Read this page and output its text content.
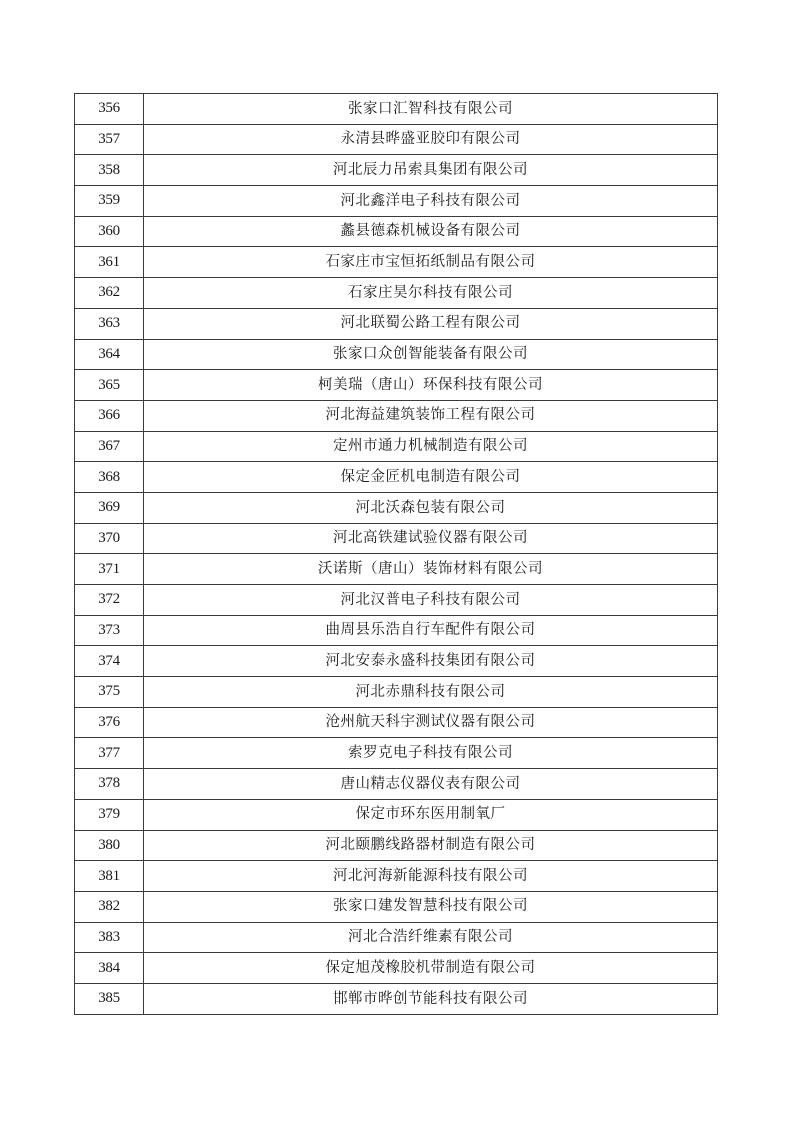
356	张家口汇智科技有限公司
357	永清县晔盛亚胶印有限公司
358	河北辰力吊索具集团有限公司
359	河北鑫洋电子科技有限公司
360	蠡县德森机械设备有限公司
361	石家庄市宝恒拓纸制品有限公司
362	石家庄昊尔科技有限公司
363	河北联蜀公路工程有限公司
364	张家口众创智能装备有限公司
365	柯美瑞（唐山）环保科技有限公司
366	河北海益建筑装饰工程有限公司
367	定州市通力机械制造有限公司
368	保定金匠机电制造有限公司
369	河北沃森包装有限公司
370	河北高铁建试验仪器有限公司
371	沃诺斯（唐山）装饰材料有限公司
372	河北汉普电子科技有限公司
373	曲周县乐浩自行车配件有限公司
374	河北安泰永盛科技集团有限公司
375	河北赤鼎科技有限公司
376	沧州航天科宇测试仪器有限公司
377	索罗克电子科技有限公司
378	唐山精志仪器仪表有限公司
379	保定市环东医用制氧厂
380	河北颐鹏线路器材制造有限公司
381	河北河海新能源科技有限公司
382	张家口建发智慧科技有限公司
383	河北合浩纤维素有限公司
384	保定旭茂橡胶机带制造有限公司
385	邯郸市晔创节能科技有限公司
